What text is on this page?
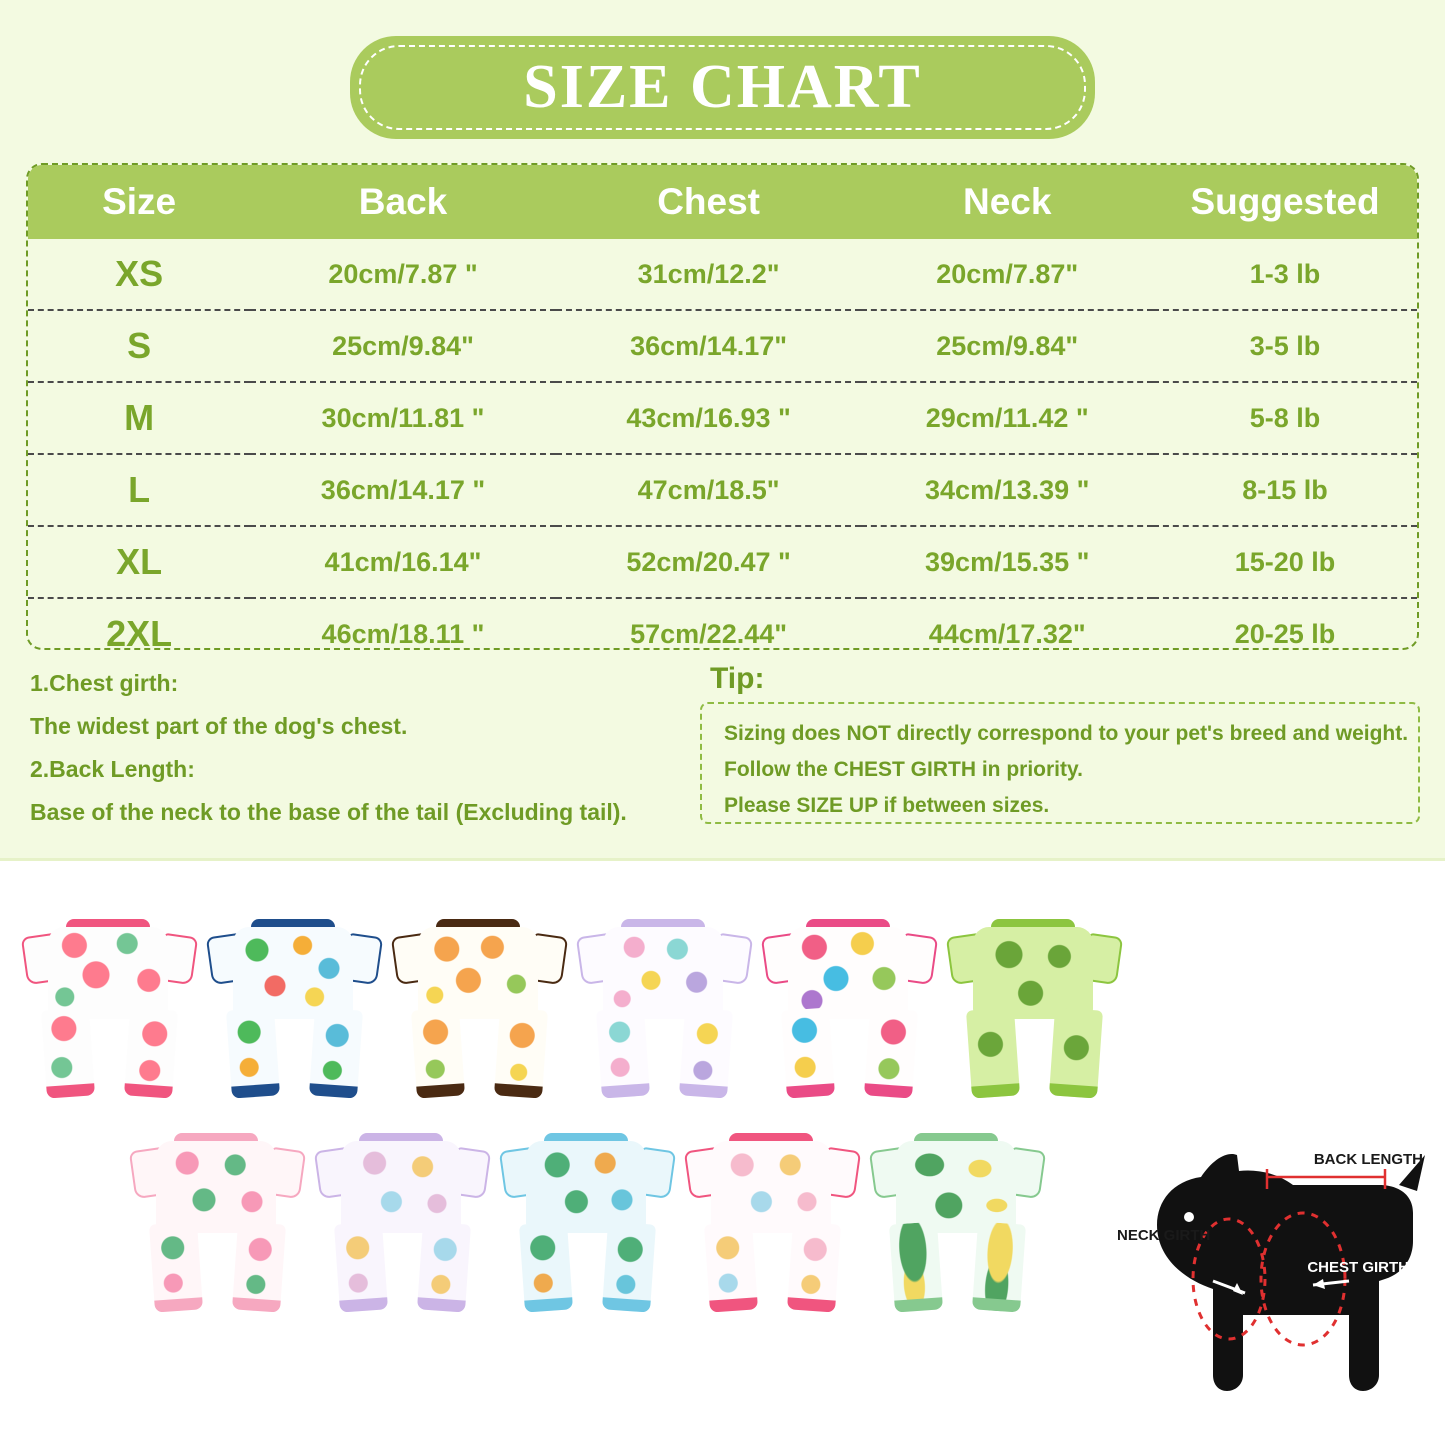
SIZE CHART
Size	Back	Chest	Neck	Suggested
XS	20cm/7.87 "	31cm/12.2"	20cm/7.87"	1-3 lb
S	25cm/9.84"	36cm/14.17"	25cm/9.84"	3-5 lb
M	30cm/11.81 "	43cm/16.93 "	29cm/11.42 "	5-8 lb
L	36cm/14.17 "	47cm/18.5"	34cm/13.39 "	8-15 lb
XL	41cm/16.14"	52cm/20.47 "	39cm/15.35 "	15-20 lb
2XL	46cm/18.11 "	57cm/22.44"	44cm/17.32"	20-25 lb
1.Chest girth:
The widest part of the dog's chest.
2.Back Length:
Base of the neck to the base of the tail (Excluding tail).
Tip:
Sizing does NOT directly correspond to your pet's breed and weight.
Follow the CHEST GIRTH in priority.
Please SIZE UP if between sizes.
BACK LENGTH
NECK GIRTH
CHEST GIRTH
